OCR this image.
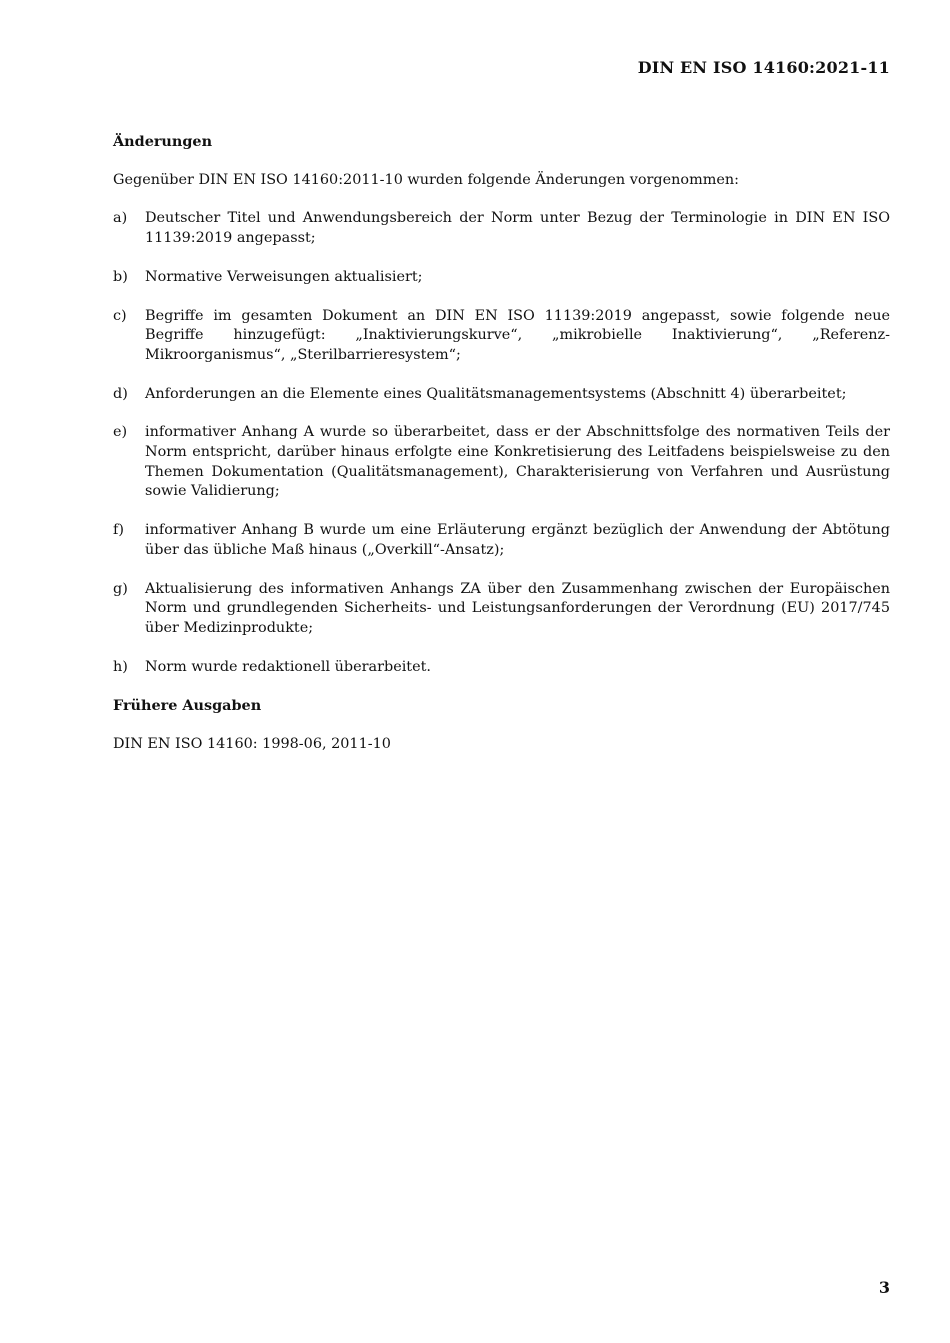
DIN EN ISO 14160:2021-11
Änderungen

Gegenüber DIN EN ISO 14160:2011-10 wurden folgende Änderungen vorgenommen:

a)	Deutscher Titel und Anwendungsbereich der Norm unter Bezug der Terminologie in DIN EN ISO 11139:2019 angepasst;
b)	Normative Verweisungen aktualisiert;
c)	Begriffe im gesamten Dokument an DIN EN ISO 11139:2019 angepasst, sowie folgende neue Begriffe hinzugefügt: „Inaktivierungskurve“, „mikrobielle Inaktivierung“, „Referenz-Mikroorganismus“, „Sterilbarrieresystem“;
d)	Anforderungen an die Elemente eines Qualitätsmanagementsystems (Abschnitt 4) überarbeitet;
e)	informativer Anhang A wurde so überarbeitet, dass er der Abschnittsfolge des normativen Teils der Norm entspricht, darüber hinaus erfolgte eine Konkretisierung des Leitfadens beispielsweise zu den Themen Dokumentation (Qualitätsmanagement), Charakterisierung von Verfahren und Ausrüstung sowie Validierung;
f)	informativer Anhang B wurde um eine Erläuterung ergänzt bezüglich der Anwendung der Abtötung über das übliche Maß hinaus („Overkill“-Ansatz);
g)	Aktualisierung des informativen Anhangs ZA über den Zusammenhang zwischen der Europäischen Norm und grundlegenden Sicherheits- und Leistungsanforderungen der Verordnung (EU) 2017/745 über Medizinprodukte;
h)	Norm wurde redaktionell überarbeitet.
Frühere Ausgaben

DIN EN ISO 14160: 1998-06, 2011-10

3
